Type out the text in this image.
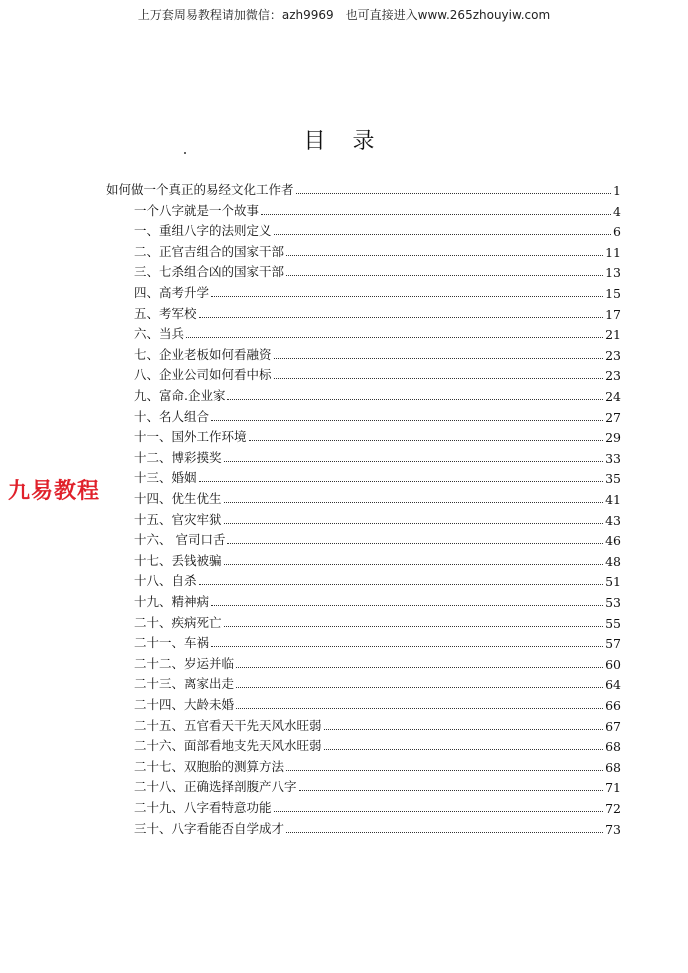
上万套周易教程请加微信：azh9969　也可直接进入www.265zhouyiw.com
目 录
九易教程
如何做一个真正的易经文化工作者	1
一个八字就是一个故事	4
一、重组八字的法则定义	6
二、正官吉组合的国家干部	11
三、七杀组合凶的国家干部	13
四、高考升学	15
五、考军校	17
六、当兵	21
七、企业老板如何看融资	23
八、企业公司如何看中标	23
九、富命.企业家	24
十、名人组合	27
十一、国外工作环境	29
十二、博彩摸奖	33
十三、婚姻	35
十四、优生优生	41
十五、官灾牢狱	43
十六、 官司口舌	46
十七、丢钱被骗	48
十八、自杀	51
十九、精神病	53
二十、疾病死亡	55
二十一、车祸	57
二十二、岁运并临	60
二十三、离家出走	64
二十四、大龄未婚	66
二十五、五官看天干先天风水旺弱	67
二十六、面部看地支先天风水旺弱	68
二十七、双胞胎的测算方法	68
二十八、正确选择剖腹产八字	71
二十九、八字看特意功能	72
三十、八字看能否自学成才	73
